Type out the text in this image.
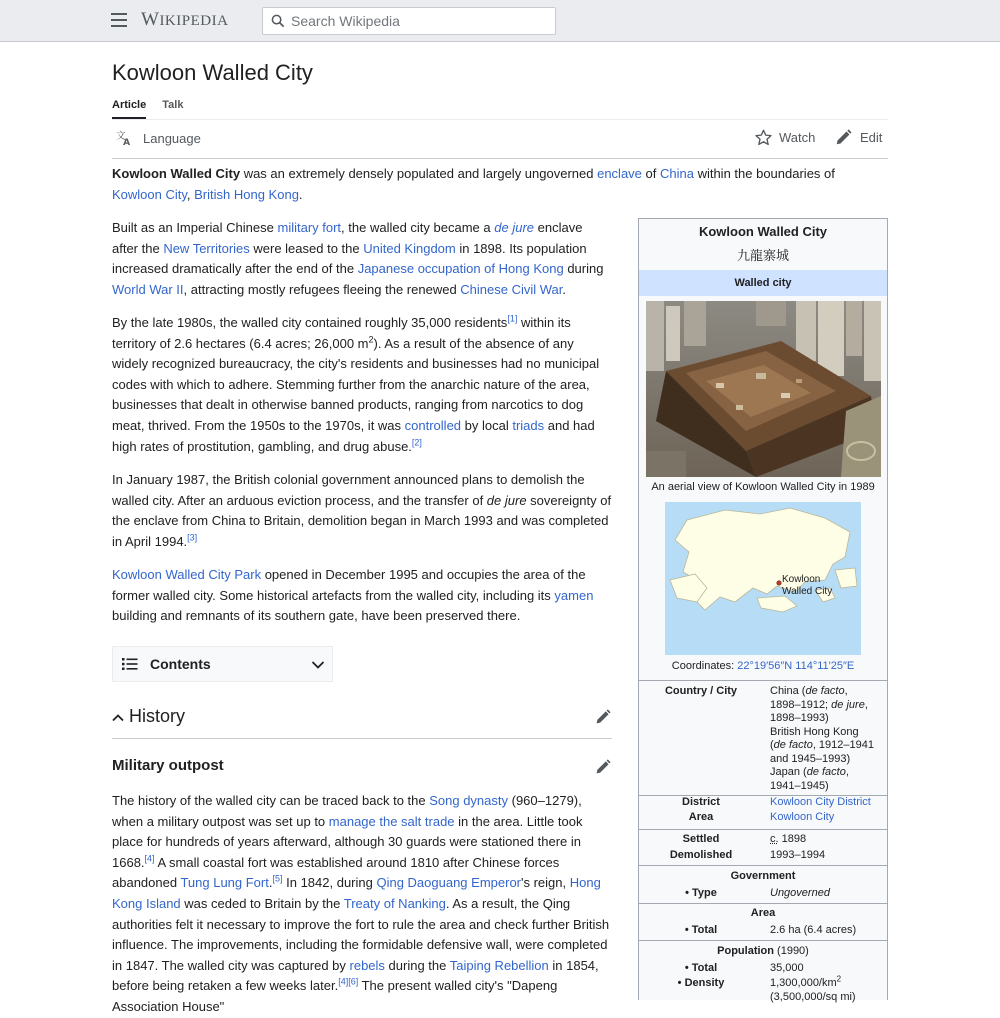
WIKIPEDIA
Search Wikipedia
Kowloon Walled City
Article Talk
文
A Language	Watch	Edit
Kowloon Walled City was an extremely densely populated and largely ungoverned enclave of China within the boundaries of Kowloon City, British Hong Kong.
Built as an Imperial Chinese military fort, the walled city became a de jure enclave after the New Territories were leased to the United Kingdom in 1898. Its population increased dramatically after the end of the Japanese occupation of Hong Kong during World War II, attracting mostly refugees fleeing the renewed Chinese Civil War.
By the late 1980s, the walled city contained roughly 35,000 residents[1] within its territory of 2.6 hectares (6.4 acres; 26,000 $m^2$). As a result of the absence of any widely recognized bureaucracy, the city's residents and businesses had no municipal codes with which to adhere. Stemming further from the anarchic nature of the area, businesses that dealt in otherwise banned products, ranging from narcotics to dog meat, thrived. From the 1950s to the 1970s, it was controlled by local triads and had high rates of prostitution, gambling, and drug abuse.[2]
In January 1987, the British colonial government announced plans to demolish the walled city. After an arduous eviction process, and the transfer of de jure sovereignty of the enclave from China to Britain, demolition began in March 1993 and was completed in April 1994.[3]
Kowloon Walled City Park opened in December 1995 and occupies the area of the former walled city. Some historical artefacts from the walled city, including its yamen building and remnants of its southern gate, have been preserved there.
Contents
History
Military outpost
The history of the walled city can be traced back to the Song dynasty (960–1279), when a military outpost was set up to manage the salt trade in the area. Little took place for hundreds of years afterward, although 30 guards were stationed there in 1668.[4] A small coastal fort was established around 1810 after Chinese forces abandoned Tung Lung Fort.[5] In 1842, during Qing Daoguang Emperor's reign, Hong Kong Island was ceded to Britain by the Treaty of Nanking. As a result, the Qing authorities felt it necessary to improve the fort to rule the area and check further British influence. The improvements, including the formidable defensive wall, were completed in 1847. The walled city was captured by rebels during the Taiping Rebellion in 1854, before being retaken a few weeks later.[4][6] The present walled city's "Dapeng Association House"
Kowloon Walled City
九龍寨城
Walled city
An aerial view of Kowloon Walled City in 1989
Kowloon
Walled City
Coordinates: 22°19′56″N 114°11′25″E
Country / City	China (de facto,
1898–1912; de jure,
1898–1993)
British Hong Kong
(de facto, 1912–1941
and 1945–1993)
Japan (de facto,
1941–1945)
District	Kowloon City District
Area	Kowloon City
Settled	c. 1898
Demolished	1993–1994
Government
• Type	Ungoverned
Area
• Total	2.6 ha (6.4 acres)
Population (1990)
• Total	35,000
• Density	$1,300,000/km^2$
(3,500,000/sq mi)
